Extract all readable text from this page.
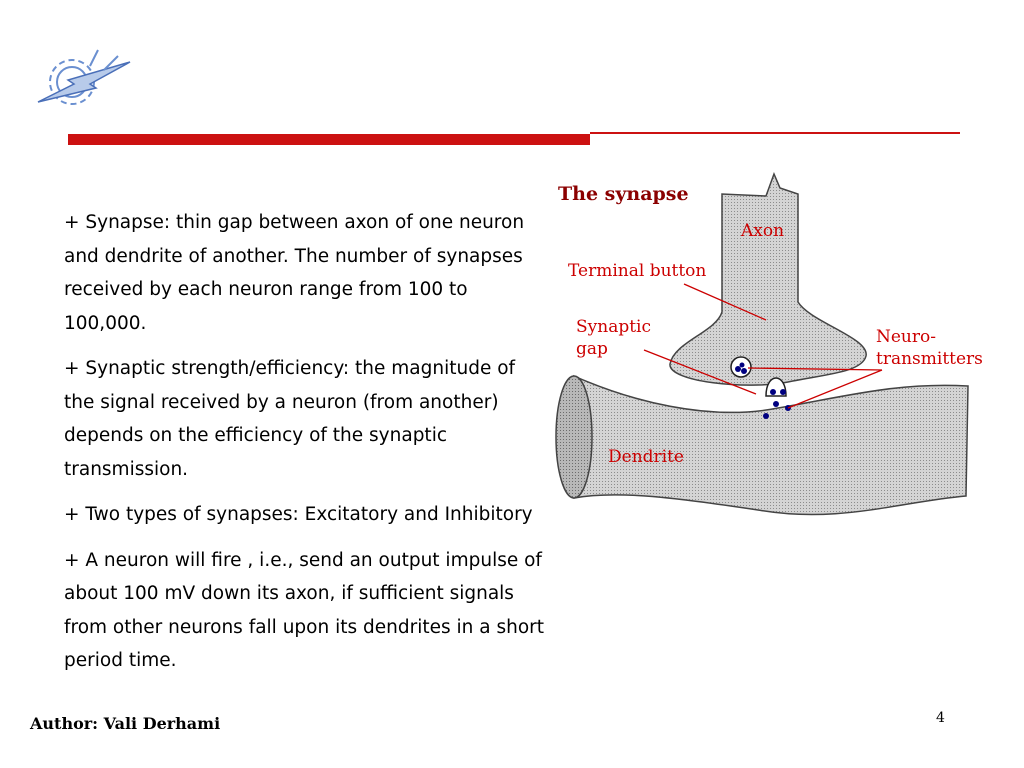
+ Synapse: thin gap between axon of one neuron and dendrite of another. The number of synapses received by each neuron range from 100 to 100,000.

+ Synaptic strength/efficiency: the magnitude of the signal received by a neuron (from another) depends on the efficiency of the synaptic transmission.

+ Two types of synapses: Excitatory and Inhibitory

+ A neuron will fire , i.e., send an output impulse of about 100 mV down its axon, if sufficient signals from other neurons fall upon its dendrites in a short period time.

The synapse
Axon
Terminal button
Synaptic
gap
Neuro-
transmitters
Dendrite
Author: Vali Derhami	4
